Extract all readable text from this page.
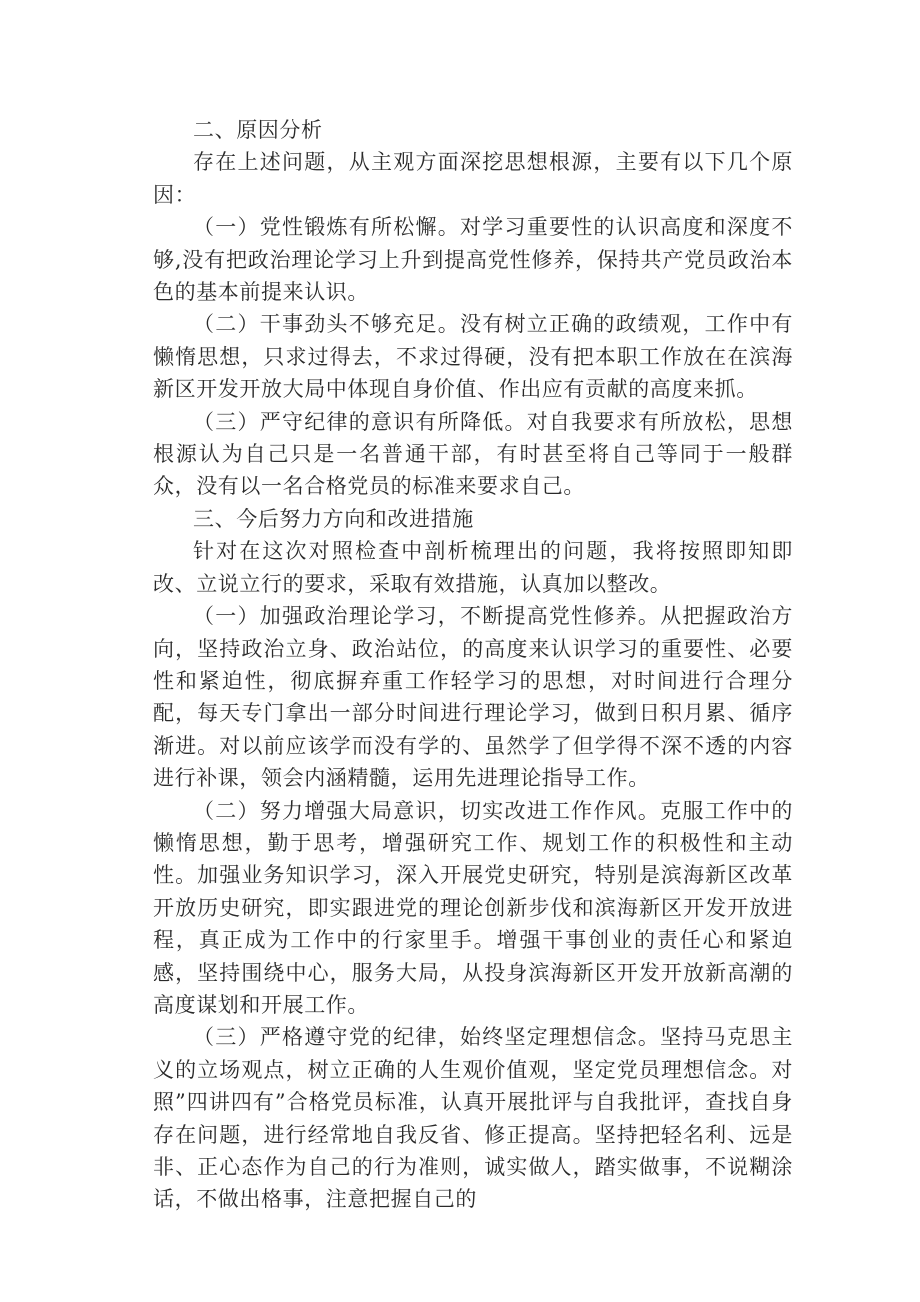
二、原因分析

存在上述问题，从主观方面深挖思想根源，主要有以下几个原因：

（一）党性锻炼有所松懈。对学习重要性的认识高度和深度不够,没有把政治理论学习上升到提高党性修养，保持共产党员政治本色的基本前提来认识。

（二）干事劲头不够充足。没有树立正确的政绩观，工作中有懒惰思想，只求过得去，不求过得硬，没有把本职工作放在在滨海新区开发开放大局中体现自身价值、作出应有贡献的高度来抓。

（三）严守纪律的意识有所降低。对自我要求有所放松，思想根源认为自己只是一名普通干部，有时甚至将自己等同于一般群众，没有以一名合格党员的标准来要求自己。

三、今后努力方向和改进措施

针对在这次对照检查中剖析梳理出的问题，我将按照即知即改、立说立行的要求，采取有效措施，认真加以整改。

（一）加强政治理论学习，不断提高党性修养。从把握政治方向，坚持政治立身、政治站位，的高度来认识学习的重要性、必要性和紧迫性，彻底摒弃重工作轻学习的思想，对时间进行合理分配，每天专门拿出一部分时间进行理论学习，做到日积月累、循序渐进。对以前应该学而没有学的、虽然学了但学得不深不透的内容进行补课，领会内涵精髓，运用先进理论指导工作。

（二）努力增强大局意识，切实改进工作作风。克服工作中的懒惰思想，勤于思考，增强研究工作、规划工作的积极性和主动性。加强业务知识学习，深入开展党史研究，特别是滨海新区改革开放历史研究，即实跟进党的理论创新步伐和滨海新区开发开放进程，真正成为工作中的行家里手。增强干事创业的责任心和紧迫感，坚持围绕中心，服务大局，从投身滨海新区开发开放新高潮的高度谋划和开展工作。

（三）严格遵守党的纪律，始终坚定理想信念。坚持马克思主义的立场观点，树立正确的人生观价值观，坚定党员理想信念。对照”四讲四有”合格党员标准，认真开展批评与自我批评，查找自身存在问题，进行经常地自我反省、修正提高。坚持把轻名利、远是非、正心态作为自己的行为准则，诚实做人，踏实做事，不说糊涂话，不做出格事，注意把握自己的
